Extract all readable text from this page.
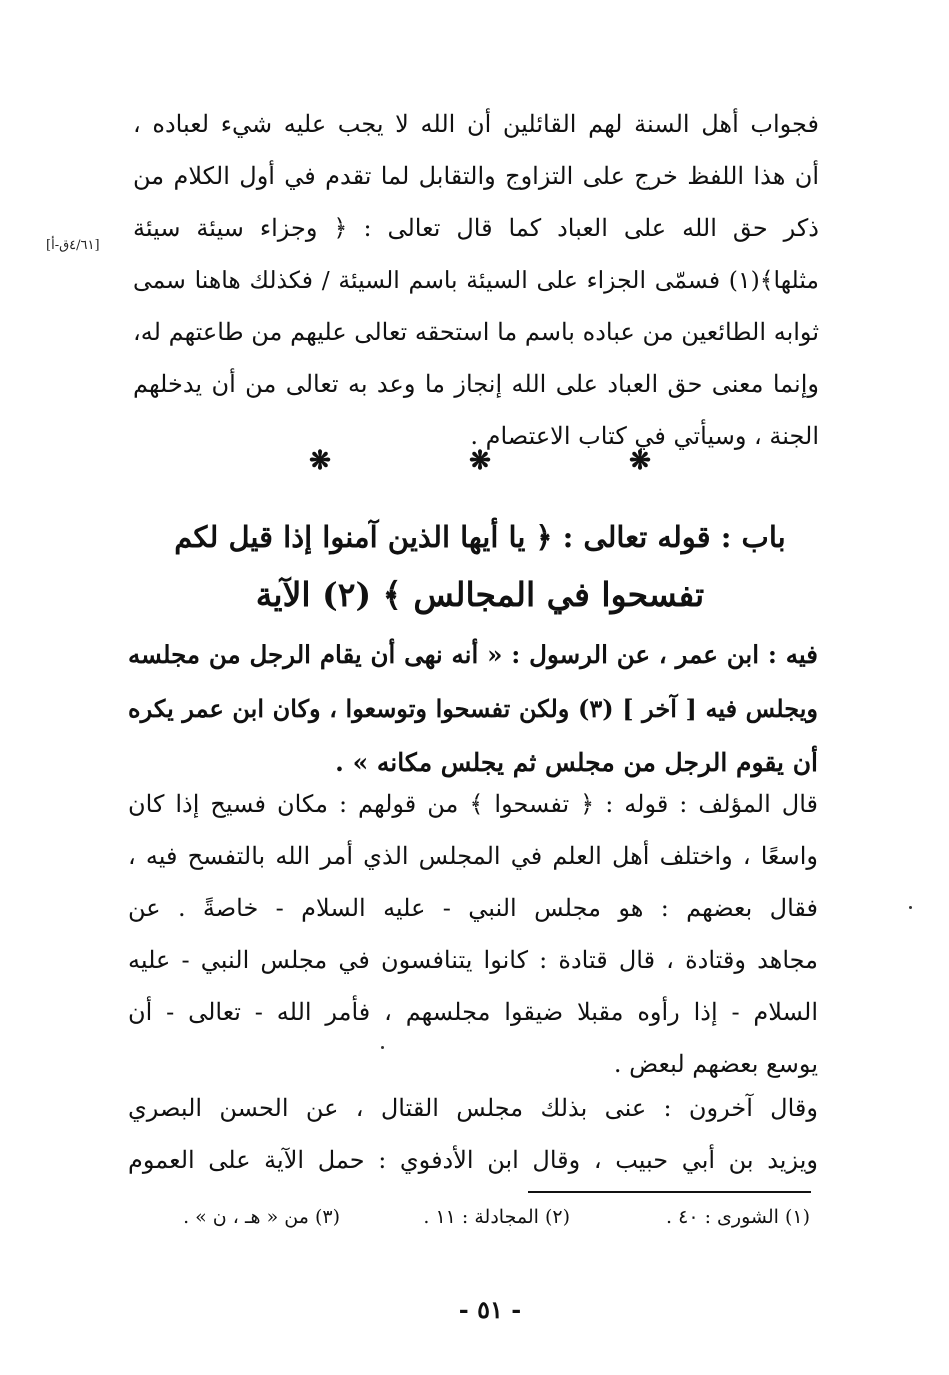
[٤/٦١ق-أ]
فجواب أهل السنة لهم القائلين أن الله لا يجب عليه شيء لعباده ،
أن هذا اللفظ خرج على التزاوج والتقابل لما تقدم في أول الكلام من
ذكر حق الله على العباد كما قال تعالى : ﴿ وجزاء سيئة سيئة
مثلها﴾(١) فسمّى الجزاء على السيئة باسم السيئة / فكذلك هاهنا سمى
ثوابه الطائعين من عباده باسم ما استحقه تعالى عليهم من طاعتهم له،
وإنما معنى حق العباد على الله إنجاز ما وعد به تعالى من أن يدخلهم
الجنة ، وسيأتي في كتاب الاعتصام .
❋	❋	❋
باب : قوله تعالى : ﴿ يا أيها الذين آمنوا إذا قيل لكم
تفسحوا في المجالس ﴾ (٢) الآية
فيه : ابن عمر ، عن الرسول : « أنه نهى أن يقام الرجل من مجلسه
ويجلس فيه [ آخر ] (٣) ولكن تفسحوا وتوسعوا ، وكان ابن عمر يكره
أن يقوم الرجل من مجلس ثم يجلس مكانه » .
قال المؤلف : قوله : ﴿ تفسحوا ﴾ من قولهم : مكان فسيح إذا كان
واسعًا ، واختلف أهل العلم في المجلس الذي أمر الله بالتفسح فيه ،
فقال بعضهم : هو مجلس النبي - عليه السلام - خاصةً . عن
مجاهد وقتادة ، قال قتادة : كانوا يتنافسون في مجلس النبي - عليه
السلام - إذا رأوه مقبلا ضيقوا مجلسهم ، فأمر الله - تعالى - أن
يوسع بعضهم لبعض .
وقال آخرون : عنى بذلك مجلس القتال ، عن الحسن البصري
ويزيد بن أبي حبيب ، وقال ابن الأدفوي : حمل الآية على العموم
(١) الشورى : ٤٠ .
(٢) المجادلة : ١١ .
(٣) من « هـ ، ن » .
- ٥١ -
